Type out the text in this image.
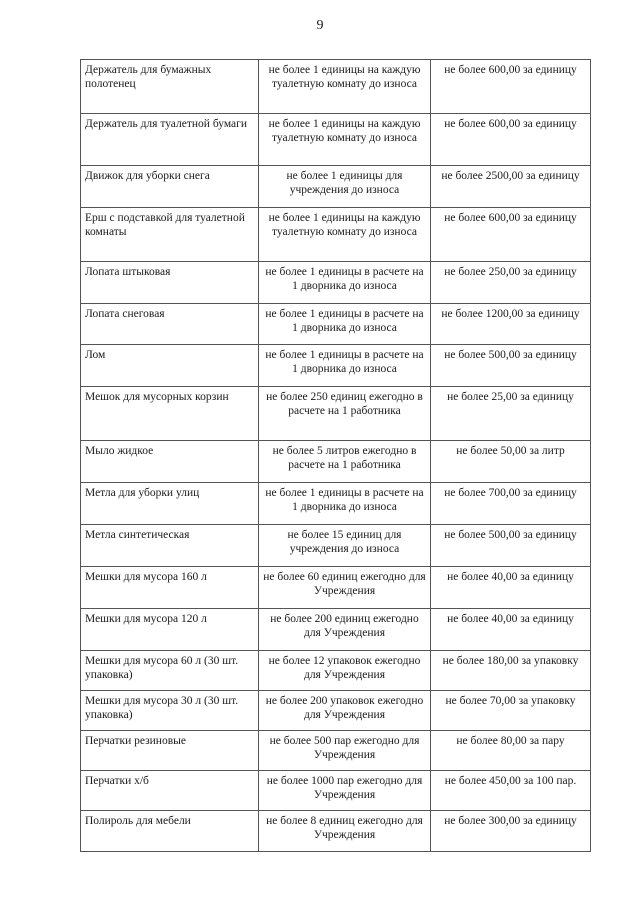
9
Держатель для бумажных полотенец	не более 1 единицы на каждую туалетную комнату до износа	не более 600,00 за единицу
Держатель для туалетной бумаги	не более 1 единицы на каждую туалетную комнату до износа	не более 600,00 за единицу
Движок для уборки снега	не более 1 единицы для учреждения до износа	не более 2500,00 за единицу
Ерш с подставкой для туалетной комнаты	не более 1 единицы на каждую туалетную комнату до износа	не более 600,00 за единицу
Лопата штыковая	не более 1 единицы в расчете на 1 дворника до износа	не более 250,00 за единицу
Лопата снеговая	не более 1 единицы в расчете на 1 дворника до износа	не более 1200,00 за единицу
Лом	не более 1 единицы в расчете на 1 дворника до износа	не более 500,00 за единицу
Мешок для мусорных корзин	не более 250 единиц ежегодно в расчете на 1 работника	не более 25,00 за единицу
Мыло жидкое	не более 5 литров ежегодно в расчете на 1 работника	не более 50,00 за литр
Метла для уборки улиц	не более 1 единицы в расчете на 1 дворника до износа	не более 700,00 за единицу
Метла синтетическая	не более 15 единиц для учреждения до износа	не более 500,00 за единицу
Мешки для мусора 160 л	не более 60 единиц ежегодно для Учреждения	не более 40,00 за единицу
Мешки для мусора 120 л	не более 200 единиц ежегодно для Учреждения	не более 40,00 за единицу
Мешки для мусора 60 л (30 шт. упаковка)	не более 12 упаковок ежегодно для Учреждения	не более 180,00 за упаковку
Мешки для мусора 30 л (30 шт. упаковка)	не более 200 упаковок ежегодно для Учреждения	не более 70,00 за упаковку
Перчатки резиновые	не более 500 пар ежегодно для Учреждения	не более 80,00 за пару
Перчатки х/б	не более 1000 пар ежегодно для Учреждения	не более 450,00 за 100 пар.
Полироль для мебели	не более 8 единиц ежегодно для Учреждения	не более 300,00 за единицу
